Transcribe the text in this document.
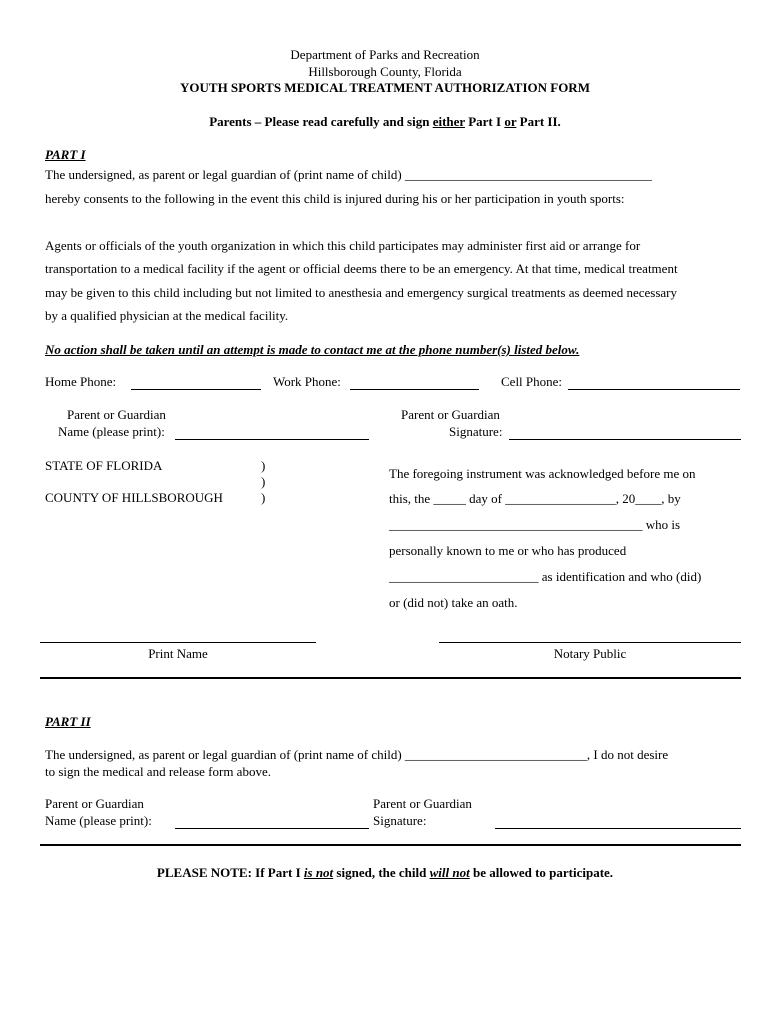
Department of Parks and Recreation
Hillsborough County, Florida
YOUTH SPORTS MEDICAL TREATMENT AUTHORIZATION FORM
Parents – Please read carefully and sign either Part I or Part II.
PART I
The undersigned, as parent or legal guardian of (print name of child) ______________________________________
hereby consents to the following in the event this child is injured during his or her participation in youth sports:
Agents or officials of the youth organization in which this child participates may administer first aid or arrange for
transportation to a medical facility if the agent or official deems there to be an emergency. At that time, medical treatment
may be given to this child including but not limited to anesthesia and emergency surgical treatments as deemed necessary
by a qualified physician at the medical facility.
No action shall be taken until an attempt is made to contact me at the phone number(s) listed below.
Home Phone:	Work Phone:	Cell Phone:
Parent or Guardian
Name (please print):
Parent or Guardian
Signature:
STATE OF FLORIDA
COUNTY OF HILLSBOROUGH
)
)
)
The foregoing instrument was acknowledged before me on
this, the _____ day of _________________, 20____, by
_______________________________________ who is
personally known to me or who has produced
_______________________ as identification and who (did)
or (did not) take an oath.
Print Name	Notary Public
PART II
The undersigned, as parent or legal guardian of (print name of child) ____________________________, I do not desire
to sign the medical and release form above.
Parent or Guardian
Name (please print):
Parent or Guardian
Signature:
PLEASE NOTE: If Part I is not signed, the child will not be allowed to participate.
